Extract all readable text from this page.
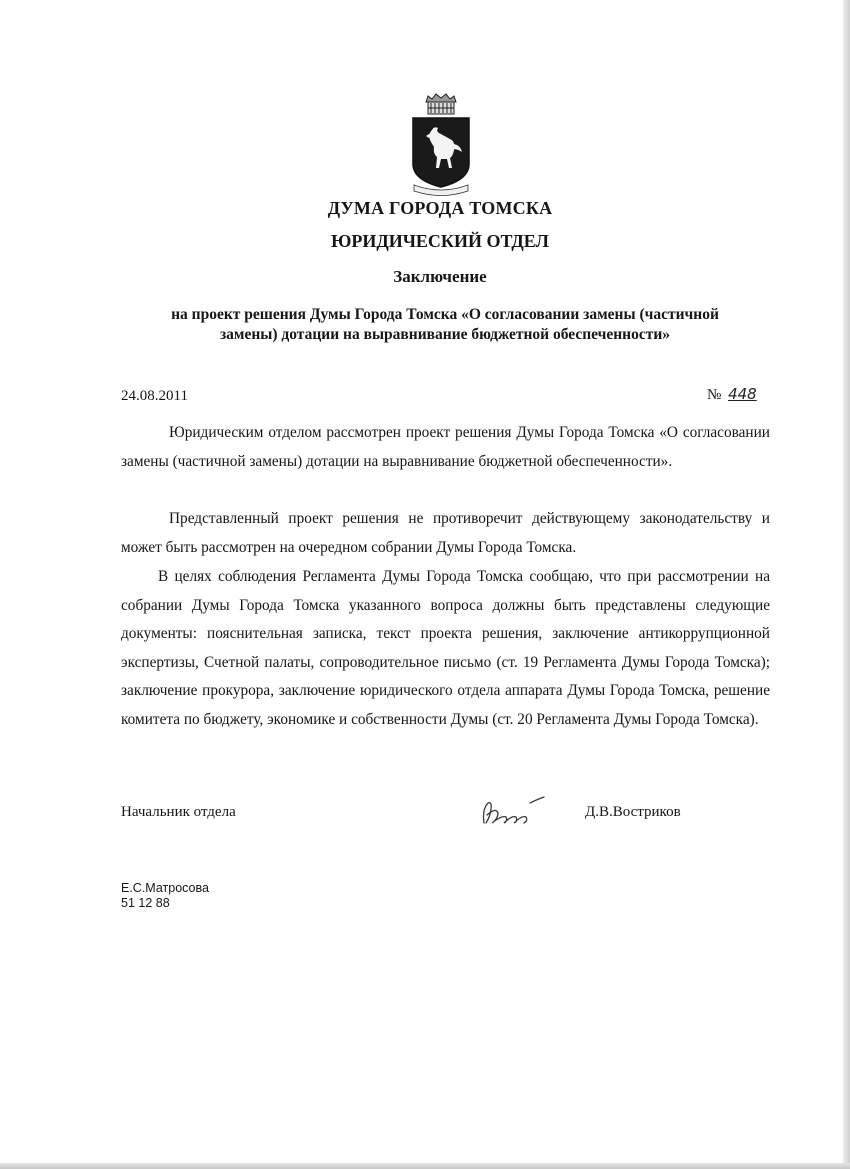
ДУМА ГОРОДА ТОМСКА

ЮРИДИЧЕСКИЙ ОТДЕЛ

Заключение

на проект решения Думы Города Томска «О согласовании замены (частичной
замены) дотации на выравнивание бюджетной обеспеченности»

24.08.2011	№ 448

Юридическим отделом рассмотрен проект решения Думы Города Томска «О согласовании замены (частичной замены) дотации на выравнивание бюджетной обеспеченности».

Представленный проект решения не противоречит действующему законодательству и может быть рассмотрен на очередном собрании Думы Города Томска.

В целях соблюдения Регламента Думы Города Томска сообщаю, что при рассмотрении на собрании Думы Города Томска указанного вопроса должны быть представлены следующие документы: пояснительная записка, текст проекта решения, заключение антикоррупционной экспертизы, Счетной палаты, сопроводительное письмо (ст. 19 Регламента Думы Города Томска); заключение прокурора, заключение юридического отдела аппарата Думы Города Томска, решение комитета по бюджету, экономике и собственности Думы (ст. 20 Регламента Думы Города Томска).

Начальник отдела	Д.В.Востриков

Е.С.Матросова
51 12 88
